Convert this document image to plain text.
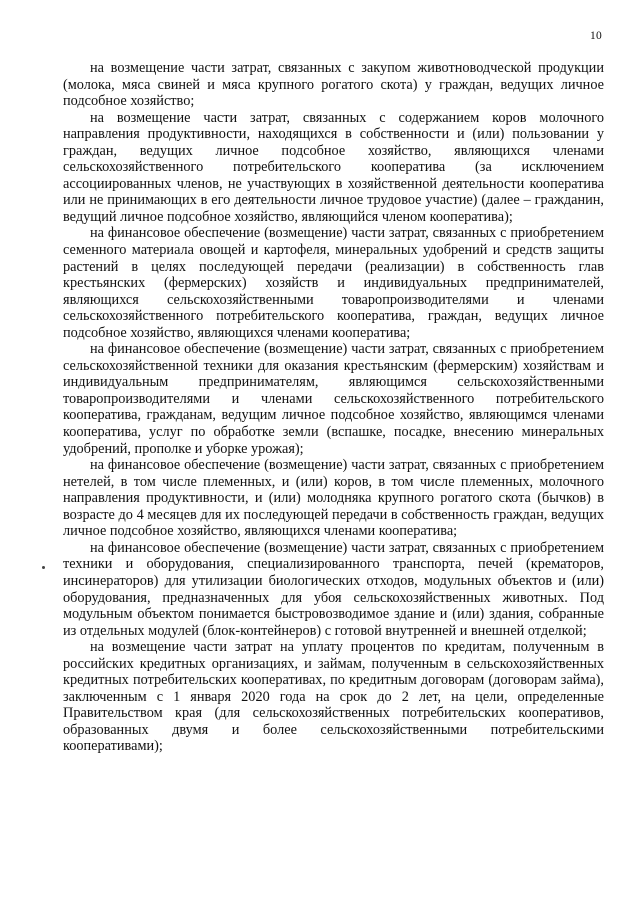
10

на возмещение части затрат, связанных с закупом животноводческой продукции (молока, мяса свиней и мяса крупного рогатого скота) у граждан, ведущих личное подсобное хозяйство;

на возмещение части затрат, связанных с содержанием коров молочного направления продуктивности, находящихся в собственности и (или) пользовании у граждан, ведущих личное подсобное хозяйство, являющихся членами сельскохозяйственного потребительского кооператива (за исключением ассоциированных членов, не участвующих в хозяйственной деятельности кооператива или не принимающих в его деятельности личное трудовое участие) (далее – гражданин, ведущий личное подсобное хозяйство, являющийся членом кооператива);

на финансовое обеспечение (возмещение) части затрат, связанных с приобретением семенного материала овощей и картофеля, минеральных удобрений и средств защиты растений в целях последующей передачи (реализации) в собственность глав крестьянских (фермерских) хозяйств и индивидуальных предпринимателей, являющихся сельскохозяйственными товаропроизводителями и членами сельскохозяйственного потребительского кооператива, граждан, ведущих личное подсобное хозяйство, являющихся членами кооператива;

на финансовое обеспечение (возмещение) части затрат, связанных с приобретением сельскохозяйственной техники для оказания крестьянским (фермерским) хозяйствам и индивидуальным предпринимателям, являющимся сельскохозяйственными товаропроизводителями и членами сельскохозяйственного потребительского кооператива, гражданам, ведущим личное подсобное хозяйство, являющимся членами кооператива, услуг по обработке земли (вспашке, посадке, внесению минеральных удобрений, прополке и уборке урожая);

на финансовое обеспечение (возмещение) части затрат, связанных с приобретением нетелей, в том числе племенных, и (или) коров, в том числе племенных, молочного направления продуктивности, и (или) молодняка крупного рогатого скота (бычков) в возрасте до 4 месяцев для их последующей передачи в собственность граждан, ведущих личное подсобное хозяйство, являющихся членами кооператива;

на финансовое обеспечение (возмещение) части затрат, связанных с приобретением техники и оборудования, специализированного транспорта, печей (крематоров, инсинераторов) для утилизации биологических отходов, модульных объектов и (или) оборудования, предназначенных для убоя сельскохозяйственных животных. Под модульным объектом понимается быстровозводимое здание и (или) здания, собранные из отдельных модулей (блок-контейнеров) с готовой внутренней и внешней отделкой;

на возмещение части затрат на уплату процентов по кредитам, полученным в российских кредитных организациях, и займам, полученным в сельскохозяйственных кредитных потребительских кооперативах, по кредитным договорам (договорам займа), заключенным с 1 января 2020 года на срок до 2 лет, на цели, определенные Правительством края (для сельскохозяйственных потребительских кооперативов, образованных двумя и более сельскохозяйственными потребительскими кооперативами);
